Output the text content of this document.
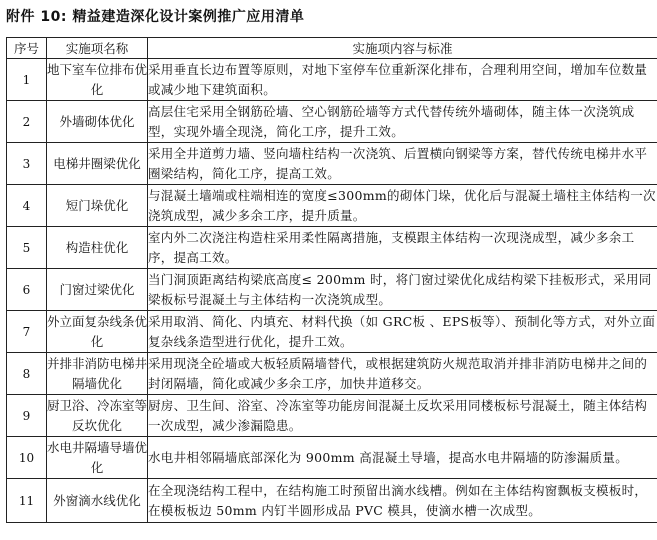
附件 10: 精益建造深化设计案例推广应用清单
序号	实施项名称	实施项内容与标准
1	地下室车位排布优化	采用垂直长边布置等原则，对地下室停车位重新深化排布，合理利用空间，增加车位数量或减少地下建筑面积。
2	外墙砌体优化	高层住宅采用全钢筋砼墙、空心钢筋砼墙等方式代替传统外墙砌体，随主体一次浇筑成型，实现外墙全现浇，简化工序，提升工效。
3	电梯井圈梁优化	采用全井道剪力墙、竖向墙柱结构一次浇筑、后置横向钢梁等方案，替代传统电梯井水平圈梁结构，简化工序，提高工效。
4	短门垛优化	与混凝土墙端或柱端相连的宽度≤300mm的砌体门垛，优化后与混凝土墙柱主体结构一次浇筑成型，减少多余工序，提升质量。
5	构造柱优化	室内外二次浇注构造柱采用柔性隔离措施，支模跟主体结构一次现浇成型，减少多余工序，提高工效。
6	门窗过梁优化	当门洞顶距离结构梁底高度≤ 200mm 时，将门窗过梁优化成结构梁下挂板形式，采用同梁板标号混凝土与主体结构一次浇筑成型。
7	外立面复杂线条优化	采用取消、简化、内填充、材料代换（如 GRC板 、EPS板等）、预制化等方式，对外立面复杂线条造型进行优化，提升工效。
8	并排非消防电梯井隔墙优化	采用现浇全砼墙或大板轻质隔墙替代，或根据建筑防火规范取消并排非消防电梯井之间的封闭隔墙，简化或减少多余工序，加快井道移交。
9	厨卫浴、冷冻室等反坎优化	厨房、卫生间、浴室、冷冻室等功能房间混凝土反坎采用同楼板标号混凝土，随主体结构一次成型，减少渗漏隐患。
10	水电井隔墙导墙优化	水电井相邻隔墙底部深化为 900mm 高混凝土导墙，提高水电井隔墙的防渗漏质量。
11	外窗滴水线优化	在全现浇结构工程中，在结构施工时预留出滴水线槽。例如在主体结构窗飘板支模板时，在模板板边 50mm 内钉半圆形成品 PVC 模具，使滴水槽一次成型。
